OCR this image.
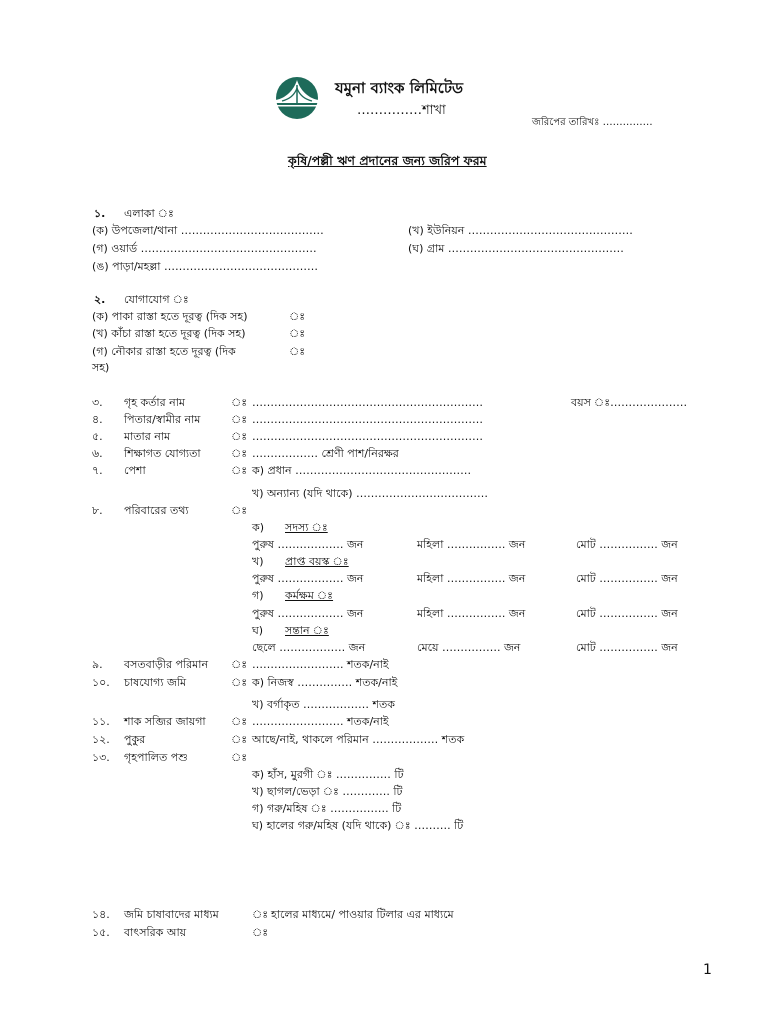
যমুনা ব্যাংক লিমিটেড
……………শাখা
জরিপের তারিখঃ ……………
কৃষি/পল্লী ঋণ প্রদানের জন্য জরিপ ফরম
১. এলাকা ঃ
(ক) উপজেলা/থানা …………………………………	(খ) ইউনিয়ন ………………………………………
(গ) ওয়ার্ড …………………………………………	(ঘ) গ্রাম …………………………………………
(ঙ) পাড়া/মহল্লা ……………………………………
২. যোগাযোগ ঃ
(ক) পাকা রাস্তা হতে দূরত্ব (দিক সহ)	ঃ
(খ) কাঁচা রাস্তা হতে দূরত্ব (দিক সহ)	ঃ
(গ) নৌকার রাস্তা হতে দূরত্ব (দিক	ঃ
সহ)
৩. গৃহ কর্তার নাম	ঃ ………………………………………………………	বয়স ঃ…………………
৪. পিতার/স্বামীর নাম	ঃ ………………………………………………………
৫. মাতার নাম	ঃ ………………………………………………………
৬. শিক্ষাগত যোগ্যতা	ঃ ……………… শ্রেণী পাশ/নিরক্ষর
৭. পেশা	ঃ ক) প্রধান …………………………………………
খ) অন্যান্য (যদি থাকে) ………………………………
৮. পরিবারের তথ্য	ঃ
ক) সদস্য ঃ
পুরুষ ……………… জন	মহিলা ……………. জন	মোট ……………. জন
খ) প্রাপ্ত বয়স্ক ঃ
পুরুষ ……………… জন	মহিলা ……………. জন	মোট ……………. জন
গ) কর্মক্ষম ঃ
পুরুষ ……………… জন	মহিলা ……………. জন	মোট ……………. জন
ঘ) সন্তান ঃ
ছেলে ……………… জন	মেয়ে ……………. জন	মোট ……………. জন
৯. বসতবাড়ীর পরিমান ঃ ……………………. শতক/নাই
১০. চাষযোগ্য জমি	ঃ ক) নিজস্ব …………… শতক/নাই
খ) বর্গাকৃত ……………… শতক
১১. শাক সব্জির জায়গা ঃ ……………………. শতক/নাই
১২. পুকুর	ঃ আছে/নাই, থাকলে পরিমান ……………… শতক
১৩. গৃহপালিত পশু	ঃ
ক) হাঁস, মুরগী ঃ …………… টি
খ) ছাগল/ভেড়া ঃ …………. টি
গ) গরু/মহিষ ঃ ……………. টি
ঘ) হালের গরু/মহিষ (যদি থাকে) ঃ ………. টি
১৪. জমি চাষাবাদের মাধ্যম	ঃ হালের মাধ্যমে/ পাওয়ার টিলার এর মাধ্যমে
১৫. বাৎসরিক আয়	ঃ
1
